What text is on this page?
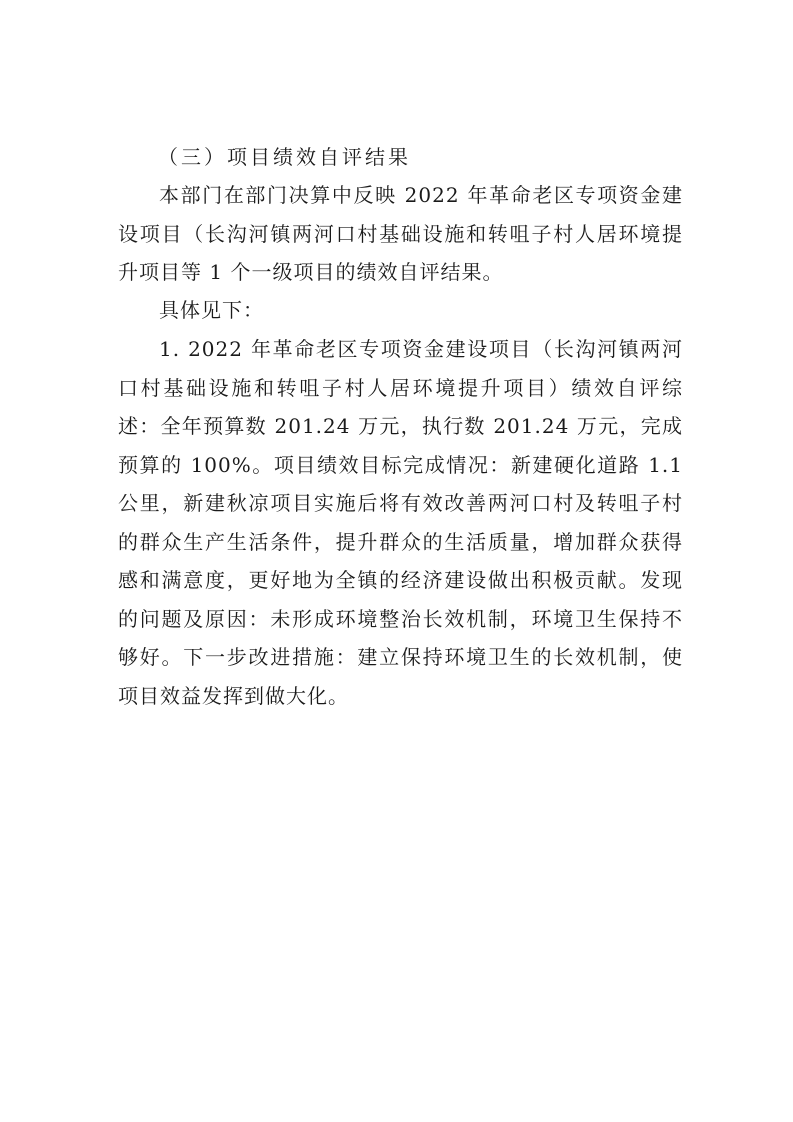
（三）项目绩效自评结果

本部门在部门决算中反映 2022 年革命老区专项资金建设项目（长沟河镇两河口村基础设施和转咀子村人居环境提升项目等 1 个一级项目的绩效自评结果。

具体见下：

1. 2022 年革命老区专项资金建设项目（长沟河镇两河口村基础设施和转咀子村人居环境提升项目）绩效自评综述：全年预算数 201.24 万元，执行数 201.24 万元，完成预算的 100%。项目绩效目标完成情况：新建硬化道路 1.1 公里，新建秋凉项目实施后将有效改善两河口村及转咀子村的群众生产生活条件，提升群众的生活质量，增加群众获得感和满意度，更好地为全镇的经济建设做出积极贡献。发现的问题及原因：未形成环境整治长效机制，环境卫生保持不够好。下一步改进措施：建立保持环境卫生的长效机制，使项目效益发挥到做大化。
